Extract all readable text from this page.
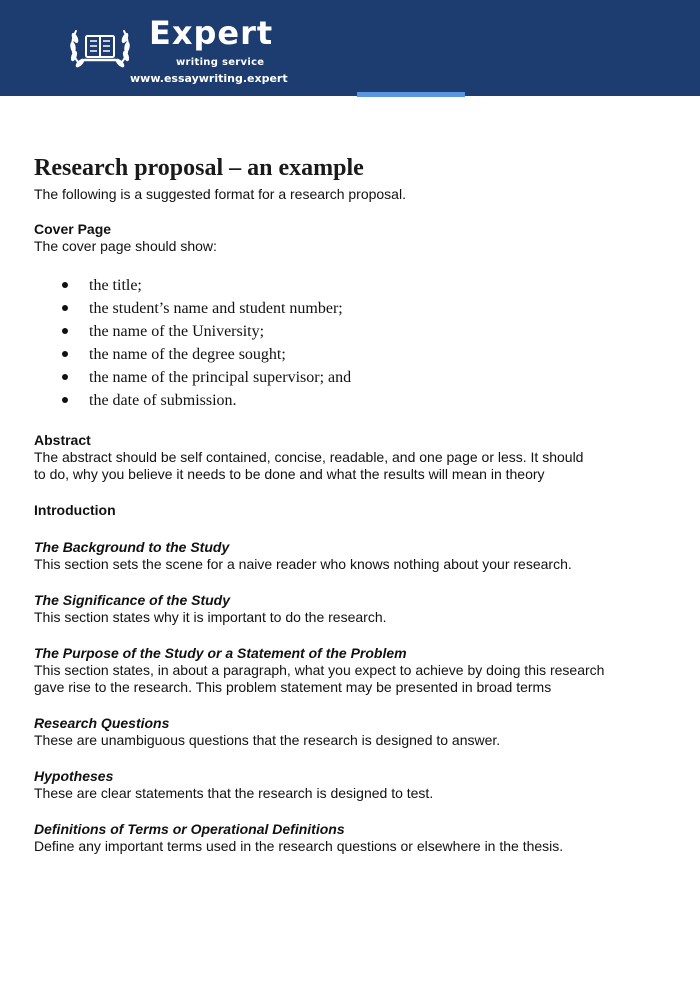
Expert
writing service
www.essaywriting.expert
Research proposal – an example

The following is a suggested format for a research proposal.

Cover Page

The cover page should show:

the title;
the student’s name and student number;
the name of the University;
the name of the degree sought;
the name of the principal supervisor; and
the date of submission.
Abstract

The abstract should be self contained, concise, readable, and one page or less. It should

to do, why you believe it needs to be done and what the results will mean in theory

Introduction
The Background to the Study

This section sets the scene for a naive reader who knows nothing about your research.

The Significance of the Study

This section states why it is important to do the research.

The Purpose of the Study or a Statement of the Problem

This section states, in about a paragraph, what you expect to achieve by doing this research

gave rise to the research. This problem statement may be presented in broad terms

Research Questions

These are unambiguous questions that the research is designed to answer.

Hypotheses

These are clear statements that the research is designed to test.

Definitions of Terms or Operational Definitions

Define any important terms used in the research questions or elsewhere in the thesis.
